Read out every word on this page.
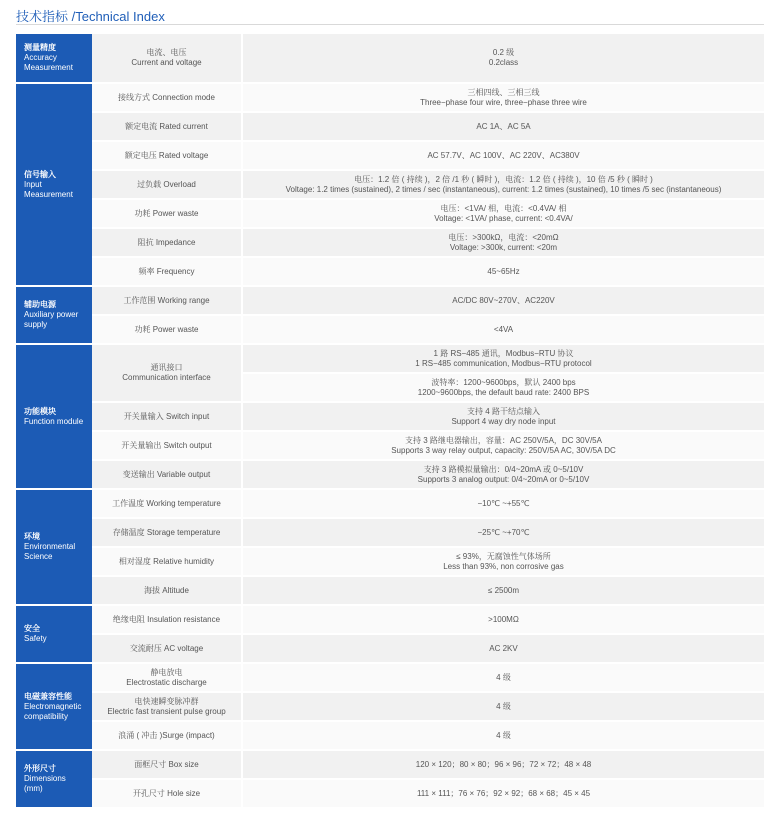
技术指标 /Technical Index
测量精度
Accuracy
Measurement	电流、电压
Current and voltage	0.2 级
0.2class

信号输入
Input
Measurement	接线方式 Connection mode	三相四线、三相三线
Three−phase four wire, three−phase three wire

	额定电流 Rated current	AC 1A、AC 5A

	额定电压 Rated voltage	AC 57.7V、AC 100V、AC 220V、AC380V

	过负载 Overload	电压：1.2 倍 ( 持续 )，2 倍 /1 秒 ( 瞬时 )，电流：1.2 倍 ( 持续 )，10 倍 /5 秒 ( 瞬时 )
Voltage: 1.2 times (sustained), 2 times / sec (instantaneous), current: 1.2 times (sustained), 10 times /5 sec (instantaneous)

	功耗 Power waste	电压：<1VA/ 相，电流：<0.4VA/ 相
Voltage: <1VA/ phase, current: <0.4VA/

	阻抗 Impedance	电压：>300kΩ，电流：<20mΩ
Voltage: >300k, current: <20m

	频率 Frequency	45~65Hz

辅助电源
Auxiliary power
supply	工作范围 Working range	AC/DC 80V~270V、AC220V

	功耗 Power waste	<4VA

功能模块
Function module	通讯接口
Communication interface	1 路 RS−485 通讯，Modbus−RTU 协议
1 RS−485 communication, Modbus−RTU protocol

		波特率：1200~9600bps，默认 2400 bps
1200~9600bps, the default baud rate: 2400 BPS

	开关量输入 Switch input	支持 4 路干结点输入
Support 4 way dry node input

	开关量输出 Switch output	支持 3 路继电器输出，容量：AC 250V/5A，DC 30V/5A
Supports 3 way relay output, capacity: 250V/5A AC, 30V/5A DC

	变送输出 Variable output	支持 3 路模拟量输出：0/4~20mA 或 0~5/10V
Supports 3 analog output: 0/4~20mA or 0~5/10V

环境
Environmental
Science	工作温度 Working temperature	−10℃ ~+55℃

	存储温度 Storage temperature	−25℃ ~+70℃

	相对湿度 Relative humidity	≤ 93%，无腐蚀性气体场所
Less than 93%, non corrosive gas

	海拔 Altitude	≤ 2500m

安全
Safety	绝缘电阻 Insulation resistance	>100MΩ

	交流耐压 AC voltage	AC 2KV

电磁兼容性能
Electromagnetic
compatibility	静电放电
Electrostatic discharge	4 级

	电快速瞬变脉冲群
Electric fast transient pulse group	4 级

	浪涌 ( 冲击 )Surge (impact)	4 级

外形尺寸
Dimensions
(mm)	面框尺寸 Box size	120 × 120；80 × 80；96 × 96；72 × 72；48 × 48

	开孔尺寸 Hole size	111 × 111；76 × 76；92 × 92；68 × 68；45 × 45
